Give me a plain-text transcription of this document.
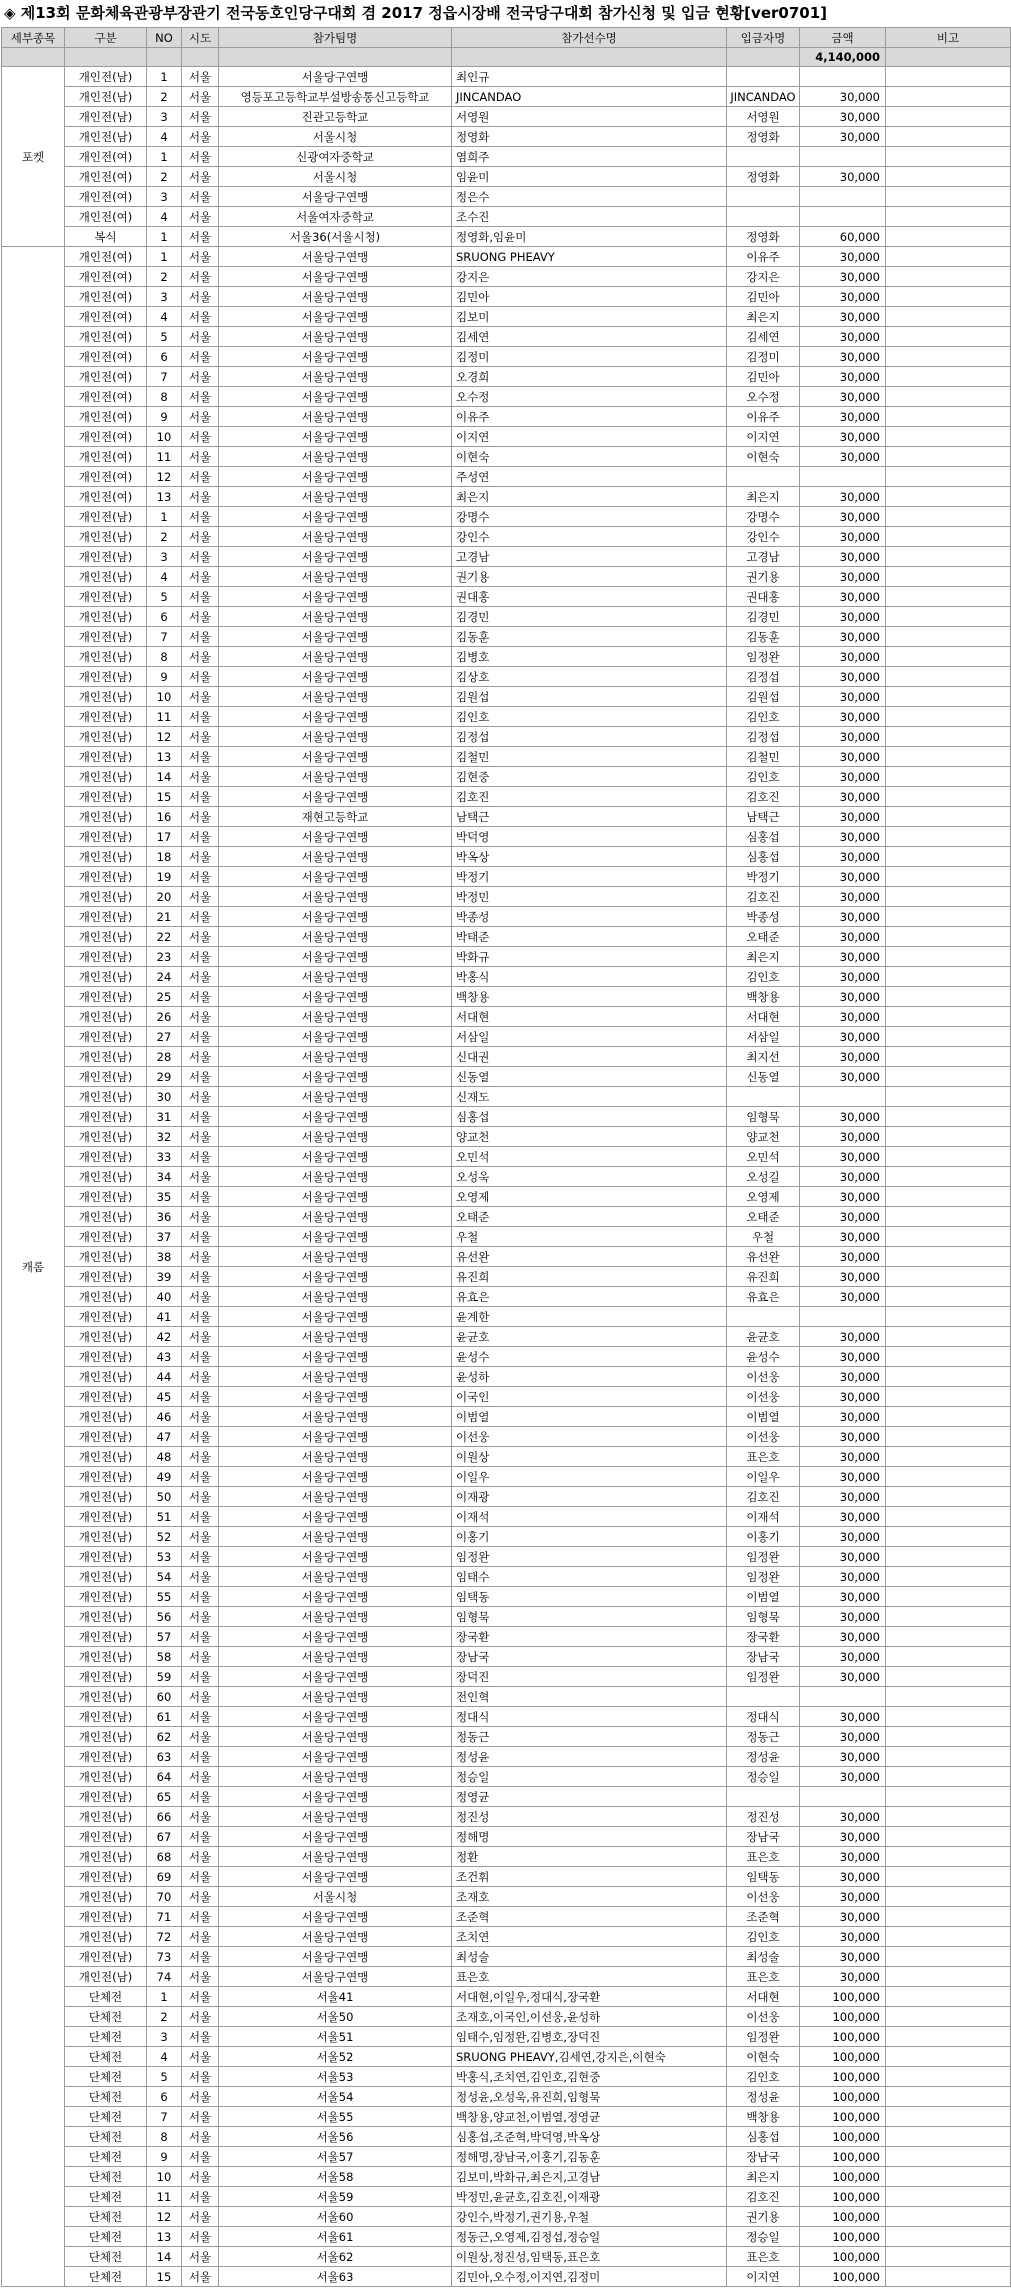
◈ 제13회 문화체육관광부장관기 전국동호인당구대회 겸 2017 정읍시장배 전국당구대회 참가신청 및 입금 현황[ver0701]
세부종목	구분	NO	시도	참가팀명	참가선수명	입금자명	금액	비고
							4,140,000	
포켓	개인전(남)	1	서울	서울당구연맹	최인규			
	개인전(남)	2	서울	영등포고등학교부설방송통신고등학교	JINCANDAO	JINCANDAO	30,000	
	개인전(남)	3	서울	진관고등학교	서영원	서영원	30,000	
	개인전(남)	4	서울	서울시청	정영화	정영화	30,000	
	개인전(여)	1	서울	신광여자중학교	염희주			
	개인전(여)	2	서울	서울시청	임윤미	정영화	30,000	
	개인전(여)	3	서울	서울당구연맹	정은수			
	개인전(여)	4	서울	서울여자중학교	조수진			
	복식	1	서울	서울36(서울시청)	정영화,임윤미	정영화	60,000	
캐롬	개인전(여)	1	서울	서울당구연맹	SRUONG PHEAVY	이유주	30,000	
	개인전(여)	2	서울	서울당구연맹	강지은	강지은	30,000	
	개인전(여)	3	서울	서울당구연맹	김민아	김민아	30,000	
	개인전(여)	4	서울	서울당구연맹	김보미	최은지	30,000	
	개인전(여)	5	서울	서울당구연맹	김세연	김세연	30,000	
	개인전(여)	6	서울	서울당구연맹	김정미	김정미	30,000	
	개인전(여)	7	서울	서울당구연맹	오경희	김민아	30,000	
	개인전(여)	8	서울	서울당구연맹	오수정	오수정	30,000	
	개인전(여)	9	서울	서울당구연맹	이유주	이유주	30,000	
	개인전(여)	10	서울	서울당구연맹	이지연	이지연	30,000	
	개인전(여)	11	서울	서울당구연맹	이현숙	이현숙	30,000	
	개인전(여)	12	서울	서울당구연맹	주성연			
	개인전(여)	13	서울	서울당구연맹	최은지	최은지	30,000	
	개인전(남)	1	서울	서울당구연맹	강명수	강명수	30,000	
	개인전(남)	2	서울	서울당구연맹	강인수	강인수	30,000	
	개인전(남)	3	서울	서울당구연맹	고경남	고경남	30,000	
	개인전(남)	4	서울	서울당구연맹	권기용	권기용	30,000	
	개인전(남)	5	서울	서울당구연맹	권대홍	권대홍	30,000	
	개인전(남)	6	서울	서울당구연맹	김경민	김경민	30,000	
	개인전(남)	7	서울	서울당구연맹	김동훈	김동훈	30,000	
	개인전(남)	8	서울	서울당구연맹	김병호	임정완	30,000	
	개인전(남)	9	서울	서울당구연맹	김상호	김정섭	30,000	
	개인전(남)	10	서울	서울당구연맹	김원섭	김원섭	30,000	
	개인전(남)	11	서울	서울당구연맹	김인호	김인호	30,000	
	개인전(남)	12	서울	서울당구연맹	김정섭	김정섭	30,000	
	개인전(남)	13	서울	서울당구연맹	김철민	김철민	30,000	
	개인전(남)	14	서울	서울당구연맹	김현중	김인호	30,000	
	개인전(남)	15	서울	서울당구연맹	김호진	김호진	30,000	
	개인전(남)	16	서울	재현고등학교	남택근	남택근	30,000	
	개인전(남)	17	서울	서울당구연맹	박덕영	심홍섭	30,000	
	개인전(남)	18	서울	서울당구연맹	박옥상	심홍섭	30,000	
	개인전(남)	19	서울	서울당구연맹	박정기	박정기	30,000	
	개인전(남)	20	서울	서울당구연맹	박정민	김호진	30,000	
	개인전(남)	21	서울	서울당구연맹	박종성	박종성	30,000	
	개인전(남)	22	서울	서울당구연맹	박태준	오태준	30,000	
	개인전(남)	23	서울	서울당구연맹	박화규	최은지	30,000	
	개인전(남)	24	서울	서울당구연맹	박홍식	김인호	30,000	
	개인전(남)	25	서울	서울당구연맹	백창용	백창용	30,000	
	개인전(남)	26	서울	서울당구연맹	서대현	서대현	30,000	
	개인전(남)	27	서울	서울당구연맹	서삼일	서삼일	30,000	
	개인전(남)	28	서울	서울당구연맹	신대권	최지선	30,000	
	개인전(남)	29	서울	서울당구연맹	신동열	신동열	30,000	
	개인전(남)	30	서울	서울당구연맹	신재도			
	개인전(남)	31	서울	서울당구연맹	심홍섭	임형묵	30,000	
	개인전(남)	32	서울	서울당구연맹	양교천	양교천	30,000	
	개인전(남)	33	서울	서울당구연맹	오민석	오민석	30,000	
	개인전(남)	34	서울	서울당구연맹	오성욱	오성길	30,000	
	개인전(남)	35	서울	서울당구연맹	오영제	오영제	30,000	
	개인전(남)	36	서울	서울당구연맹	오태준	오태준	30,000	
	개인전(남)	37	서울	서울당구연맹	우철	우철	30,000	
	개인전(남)	38	서울	서울당구연맹	유선완	유선완	30,000	
	개인전(남)	39	서울	서울당구연맹	유진희	유진희	30,000	
	개인전(남)	40	서울	서울당구연맹	유효은	유효은	30,000	
	개인전(남)	41	서울	서울당구연맹	윤계한			
	개인전(남)	42	서울	서울당구연맹	윤균호	윤균호	30,000	
	개인전(남)	43	서울	서울당구연맹	윤성수	윤성수	30,000	
	개인전(남)	44	서울	서울당구연맹	윤성하	이선웅	30,000	
	개인전(남)	45	서울	서울당구연맹	이국인	이선웅	30,000	
	개인전(남)	46	서울	서울당구연맹	이범열	이범열	30,000	
	개인전(남)	47	서울	서울당구연맹	이선웅	이선웅	30,000	
	개인전(남)	48	서울	서울당구연맹	이원상	표은호	30,000	
	개인전(남)	49	서울	서울당구연맹	이일우	이일우	30,000	
	개인전(남)	50	서울	서울당구연맹	이재광	김호진	30,000	
	개인전(남)	51	서울	서울당구연맹	이재석	이재석	30,000	
	개인전(남)	52	서울	서울당구연맹	이홍기	이홍기	30,000	
	개인전(남)	53	서울	서울당구연맹	임정완	임정완	30,000	
	개인전(남)	54	서울	서울당구연맹	임태수	임정완	30,000	
	개인전(남)	55	서울	서울당구연맹	임택동	이범열	30,000	
	개인전(남)	56	서울	서울당구연맹	임형묵	임형묵	30,000	
	개인전(남)	57	서울	서울당구연맹	장국환	장국환	30,000	
	개인전(남)	58	서울	서울당구연맹	장남국	장남국	30,000	
	개인전(남)	59	서울	서울당구연맹	장덕진	임정완	30,000	
	개인전(남)	60	서울	서울당구연맹	전인혁			
	개인전(남)	61	서울	서울당구연맹	정대식	정대식	30,000	
	개인전(남)	62	서울	서울당구연맹	정동근	정동근	30,000	
	개인전(남)	63	서울	서울당구연맹	정성윤	정성윤	30,000	
	개인전(남)	64	서울	서울당구연맹	정승일	정승일	30,000	
	개인전(남)	65	서울	서울당구연맹	정영균			
	개인전(남)	66	서울	서울당구연맹	정진성	정진성	30,000	
	개인전(남)	67	서울	서울당구연맹	정해명	장남국	30,000	
	개인전(남)	68	서울	서울당구연맹	정환	표은호	30,000	
	개인전(남)	69	서울	서울당구연맹	조건휘	임택동	30,000	
	개인전(남)	70	서울	서울시청	조재호	이선웅	30,000	
	개인전(남)	71	서울	서울당구연맹	조준혁	조준혁	30,000	
	개인전(남)	72	서울	서울당구연맹	조치연	김인호	30,000	
	개인전(남)	73	서울	서울당구연맹	최성술	최성술	30,000	
	개인전(남)	74	서울	서울당구연맹	표은호	표은호	30,000	
	단체전	1	서울	서울41	서대현,이일우,정대식,장국환	서대현	100,000	
	단체전	2	서울	서울50	조재호,이국인,이선웅,윤성하	이선웅	100,000	
	단체전	3	서울	서울51	임태수,임정완,김병호,장덕진	임정완	100,000	
	단체전	4	서울	서울52	SRUONG PHEAVY,김세연,강지은,이현숙	이현숙	100,000	
	단체전	5	서울	서울53	박홍식,조치연,김인호,김현중	김인호	100,000	
	단체전	6	서울	서울54	정성윤,오성욱,유진희,임형묵	정성윤	100,000	
	단체전	7	서울	서울55	백창용,양교천,이범열,정영균	백창용	100,000	
	단체전	8	서울	서울56	심홍섭,조준혁,박덕영,박옥상	심홍섭	100,000	
	단체전	9	서울	서울57	정해명,장남국,이홍기,김동훈	장남국	100,000	
	단체전	10	서울	서울58	김보미,박화규,최은지,고경남	최은지	100,000	
	단체전	11	서울	서울59	박정민,윤균호,김호진,이재광	김호진	100,000	
	단체전	12	서울	서울60	강인수,박정기,권기용,우철	권기용	100,000	
	단체전	13	서울	서울61	정동근,오영제,김정섭,정승일	정승일	100,000	
	단체전	14	서울	서울62	이원상,정진성,임택동,표은호	표은호	100,000	
	단체전	15	서울	서울63	김민아,오수정,이지연,김정미	이지연	100,000	
